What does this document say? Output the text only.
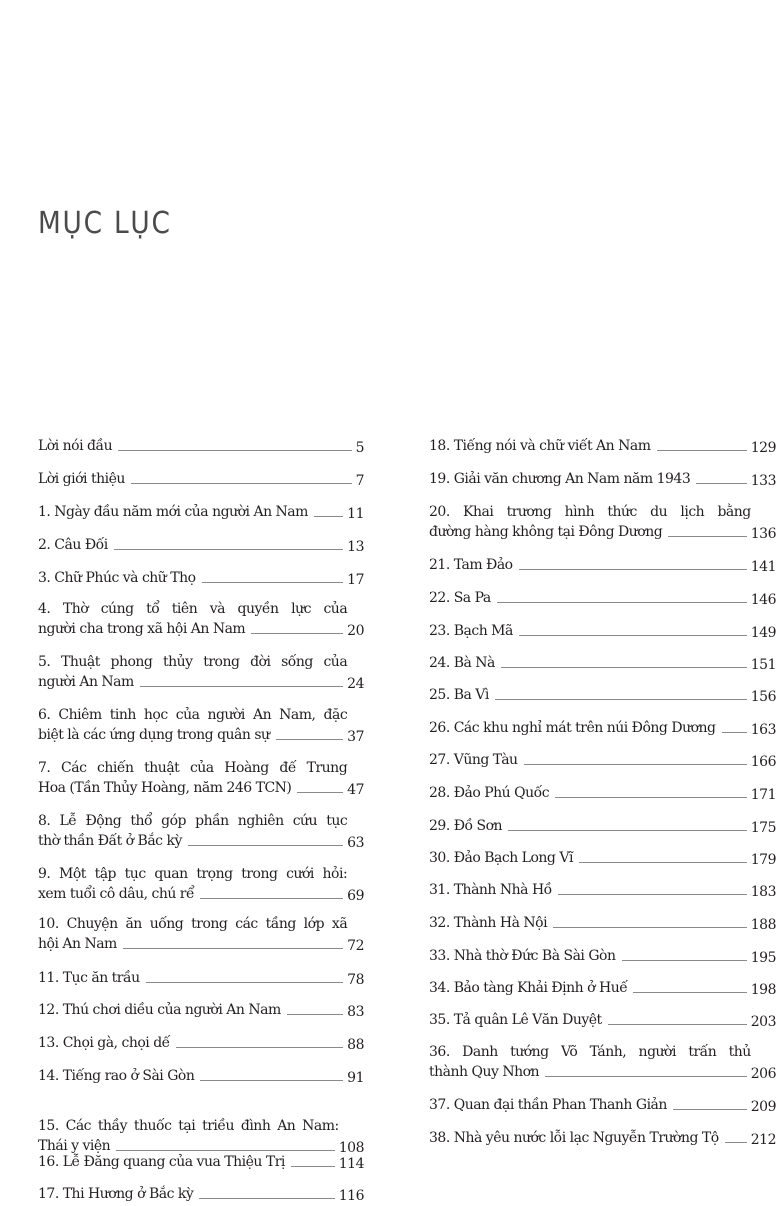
MỤC LỤC
Lời nói đầu	5
Lời giới thiệu	7
1. Ngày đầu năm mới của người An Nam	11
2. Câu Đối	13
3. Chữ Phúc và chữ Thọ	17
4. Thờ cúng tổ tiên và quyền lực của
người cha trong xã hội An Nam	20
5. Thuật phong thủy trong đời sống của
người An Nam	24
6. Chiêm tinh học của người An Nam, đặc
biệt là các ứng dụng trong quân sự	37
7. Các chiến thuật của Hoàng đế Trung
Hoa (Tần Thủy Hoàng, năm 246 TCN)	47
8. Lễ Động thổ góp phần nghiên cứu tục
thờ thần Đất ở Bắc kỳ	63
9. Một tập tục quan trọng trong cưới hỏi:
xem tuổi cô dâu, chú rể	69
10. Chuyện ăn uống trong các tầng lớp xã
hội An Nam	72
11. Tục ăn trầu	78
12. Thú chơi diều của người An Nam	83
13. Chọi gà, chọi dế	88
14. Tiếng rao ở Sài Gòn	91
15. Các thầy thuốc tại triều đình An Nam:
Thái y viện	108
16. Lễ Đăng quang của vua Thiệu Trị	114
17. Thi Hương ở Bắc kỳ	116
18. Tiếng nói và chữ viết An Nam	129
19. Giải văn chương An Nam năm 1943	133
20. Khai trương hình thức du lịch bằng
đường hàng không tại Đông Dương	136
21. Tam Đảo	141
22. Sa Pa	146
23. Bạch Mã	149
24. Bà Nà	151
25. Ba Vì	156
26. Các khu nghỉ mát trên núi Đông Dương	163
27. Vũng Tàu	166
28. Đảo Phú Quốc	171
29. Đồ Sơn	175
30. Đảo Bạch Long Vĩ	179
31. Thành Nhà Hồ	183
32. Thành Hà Nội	188
33. Nhà thờ Đức Bà Sài Gòn	195
34. Bảo tàng Khải Định ở Huế	198
35. Tả quân Lê Văn Duyệt	203
36. Danh tướng Võ Tánh, người trấn thủ
thành Quy Nhơn	206
37. Quan đại thần Phan Thanh Giản	209
38. Nhà yêu nước lỗi lạc Nguyễn Trường Tộ 212
